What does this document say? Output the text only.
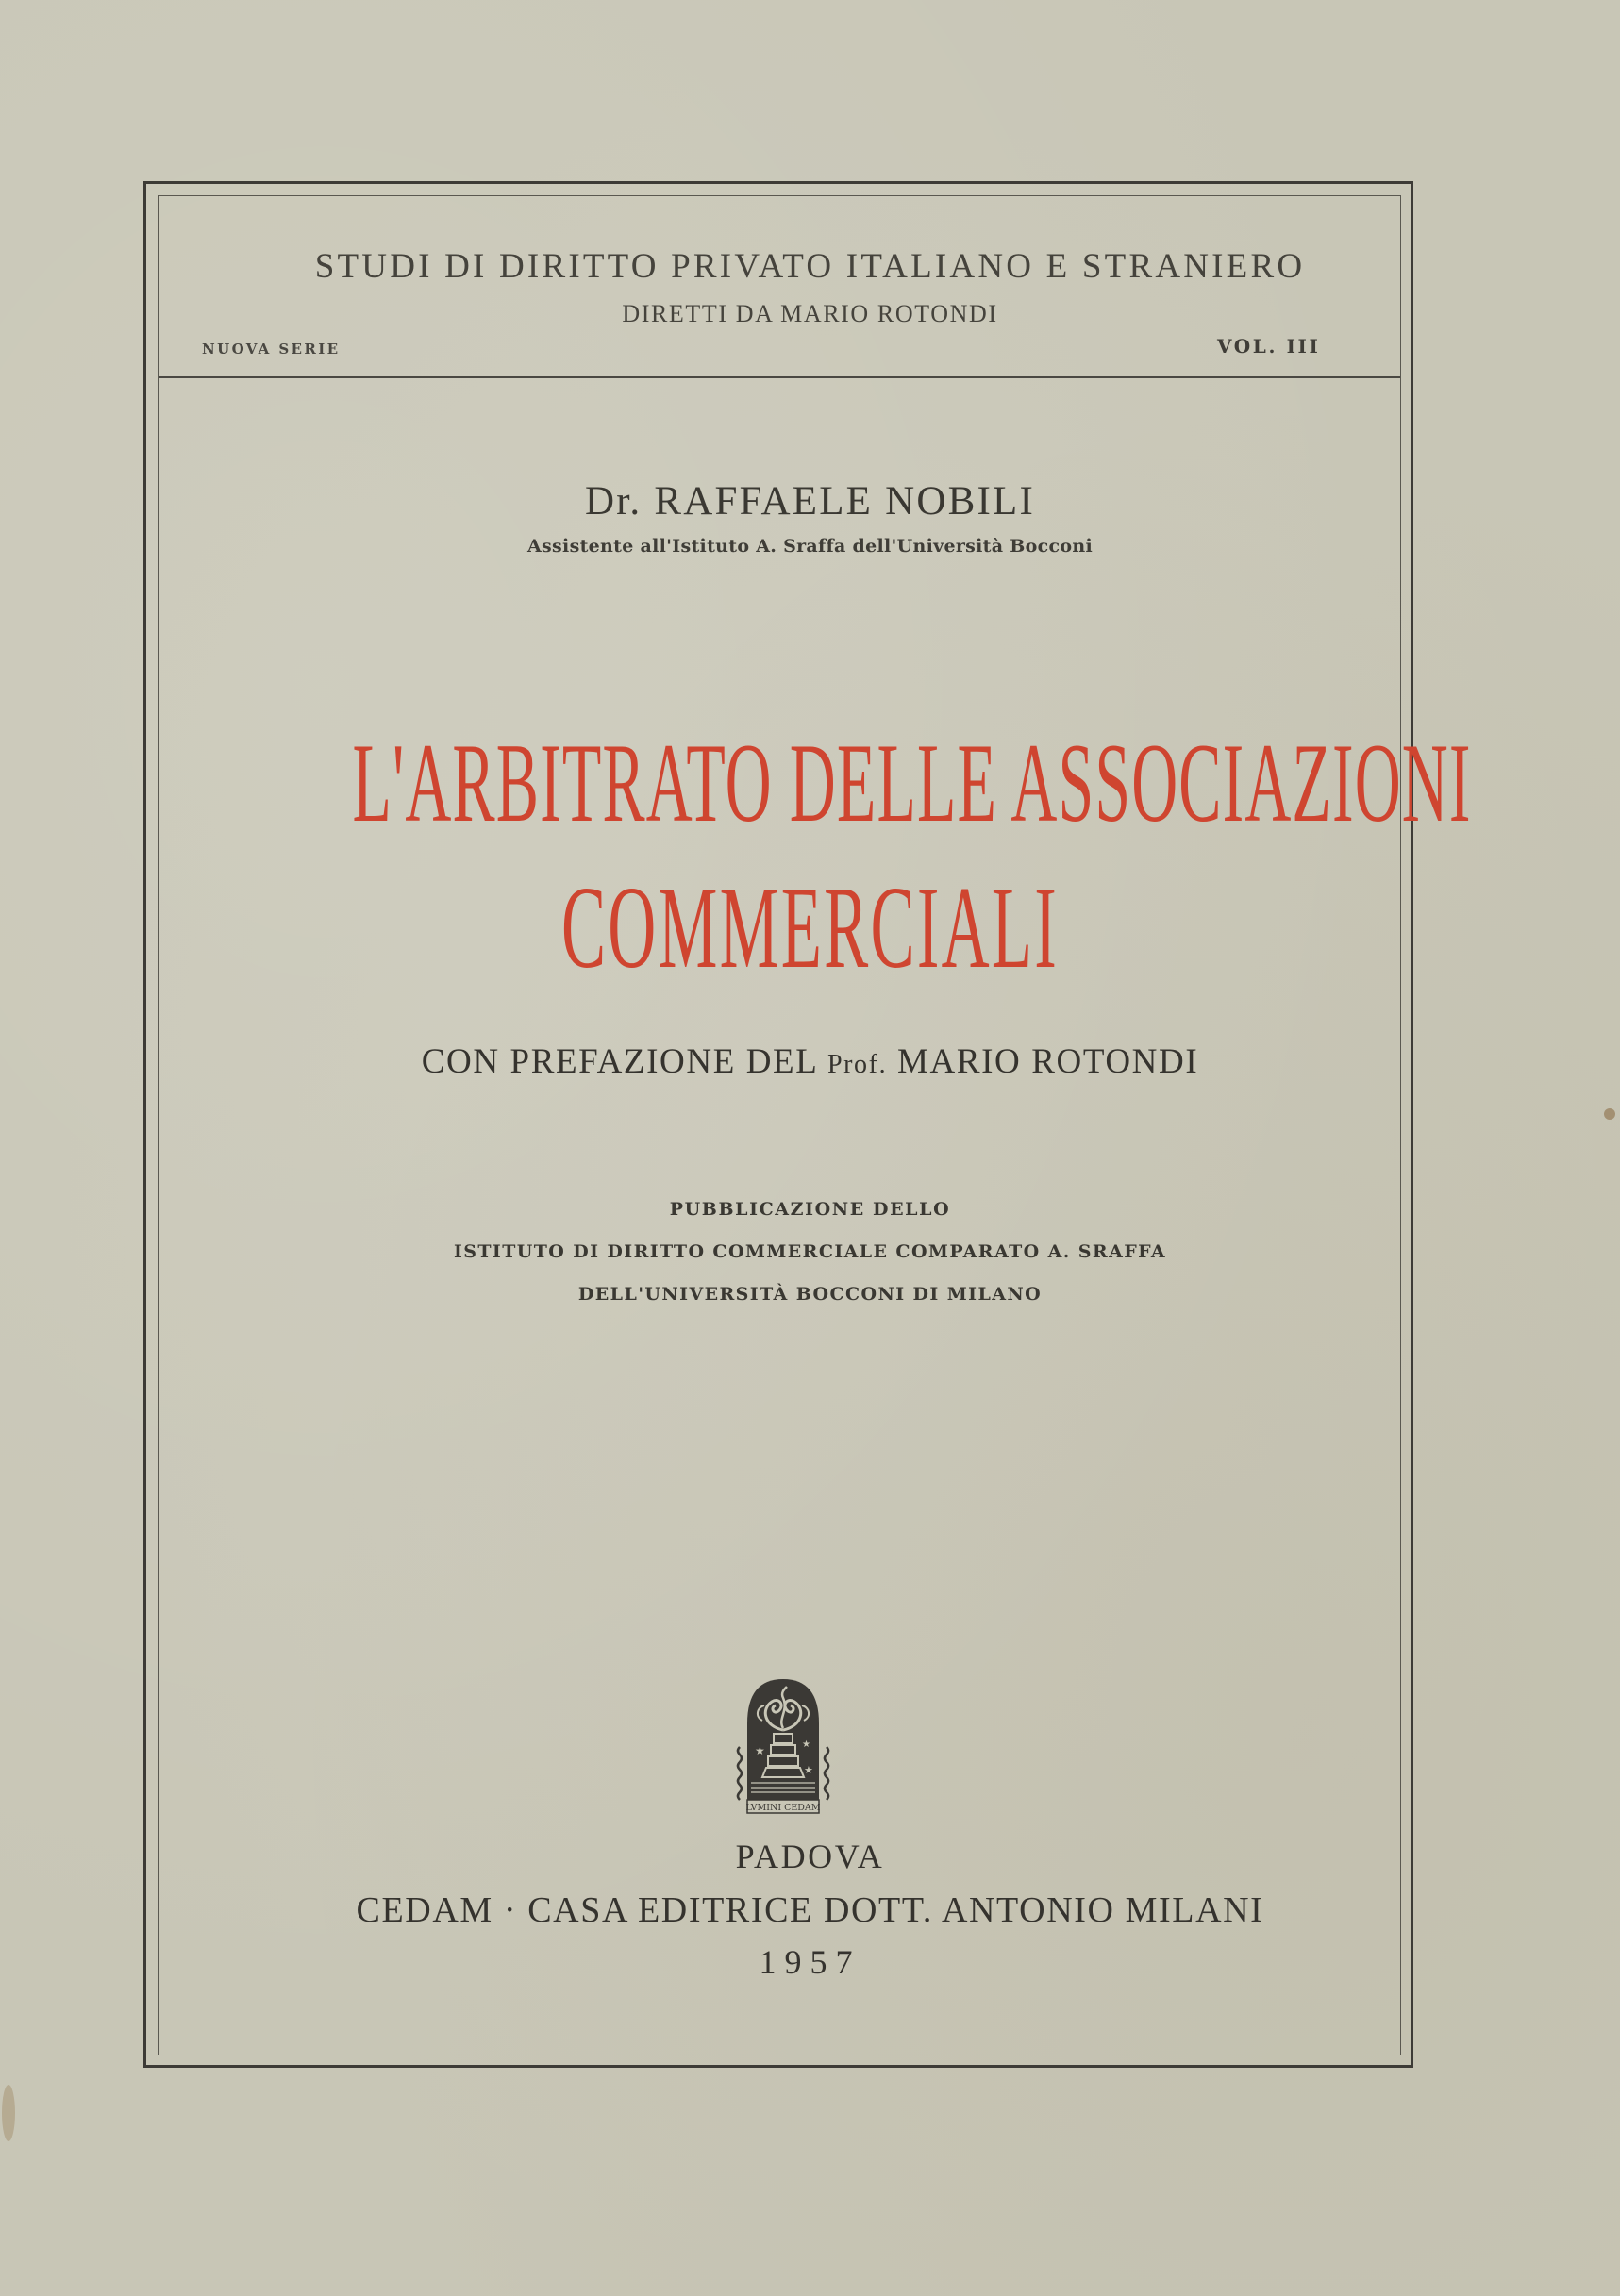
STUDI DI DIRITTO PRIVATO ITALIANO E STRANIERO
DIRETTI DA MARIO ROTONDI
NUOVA SERIE	VOL. III
Dr. RAFFAELE NOBILI
Assistente all'Istituto A. Sraffa dell'Università Bocconi
L'ARBITRATO DELLE ASSOCIAZIONI
COMMERCIALI
CON PREFAZIONE DEL Prof. MARIO ROTONDI
PUBBLICAZIONE DELLO
ISTITUTO DI DIRITTO COMMERCIALE COMPARATO A. SRAFFA
DELL'UNIVERSITÀ BOCCONI DI MILANO
★	★
★
LVMINI CEDAM
PADOVA
CEDAM · CASA EDITRICE DOTT. ANTONIO MILANI
1957
